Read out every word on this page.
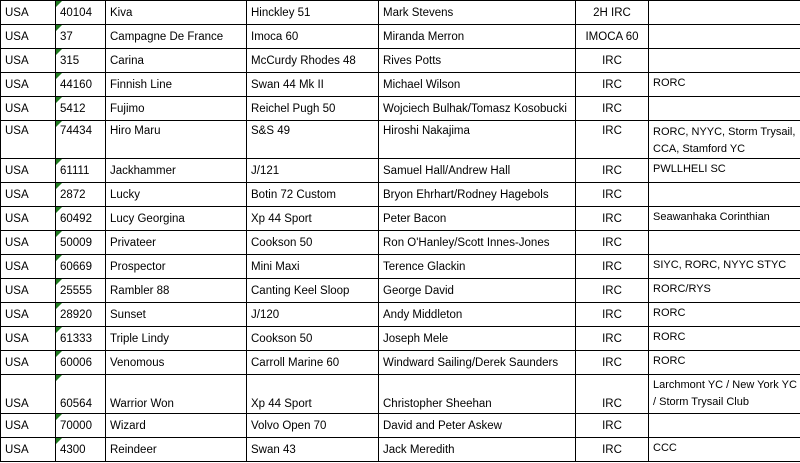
USA	40104	Kiva	Hinckley 51	Mark Stevens	2H IRC	
USA	37	Campagne De France	Imoca 60	Miranda Merron	IMOCA 60	
USA	315	Carina	McCurdy Rhodes 48	Rives Potts	IRC	
USA	44160	Finnish Line	Swan 44 Mk II	Michael Wilson	IRC	RORC
USA	5412	Fujimo	Reichel Pugh 50	Wojciech Bulhak/Tomasz Kosobucki	IRC	
USA	74434	Hiro Maru	S&S 49	Hiroshi Nakajima	IRC	RORC, NYYC, Storm Trysail, CCA, Stamford YC
USA	61111	Jackhammer	J/121	Samuel Hall/Andrew Hall	IRC	PWLLHELI SC
USA	2872	Lucky	Botin 72 Custom	Bryon Ehrhart/Rodney Hagebols	IRC	
USA	60492	Lucy Georgina	Xp 44 Sport	Peter Bacon	IRC	Seawanhaka Corinthian
USA	50009	Privateer	Cookson 50	Ron O'Hanley/Scott Innes-Jones	IRC	
USA	60669	Prospector	Mini Maxi	Terence Glackin	IRC	SIYC, RORC, NYYC STYC
USA	25555	Rambler 88	Canting Keel Sloop	George David	IRC	RORC/RYS
USA	28920	Sunset	J/120	Andy Middleton	IRC	RORC
USA	61333	Triple Lindy	Cookson 50	Joseph Mele	IRC	RORC
USA	60006	Venomous	Carroll Marine 60	Windward Sailing/Derek Saunders	IRC	RORC
USA	60564	Warrior Won	Xp 44 Sport	Christopher Sheehan	IRC	Larchmont YC / New York YC / Storm Trysail Club
USA	70000	Wizard	Volvo Open 70	David and Peter Askew	IRC	
USA	4300	Reindeer	Swan 43	Jack Meredith	IRC	CCC
